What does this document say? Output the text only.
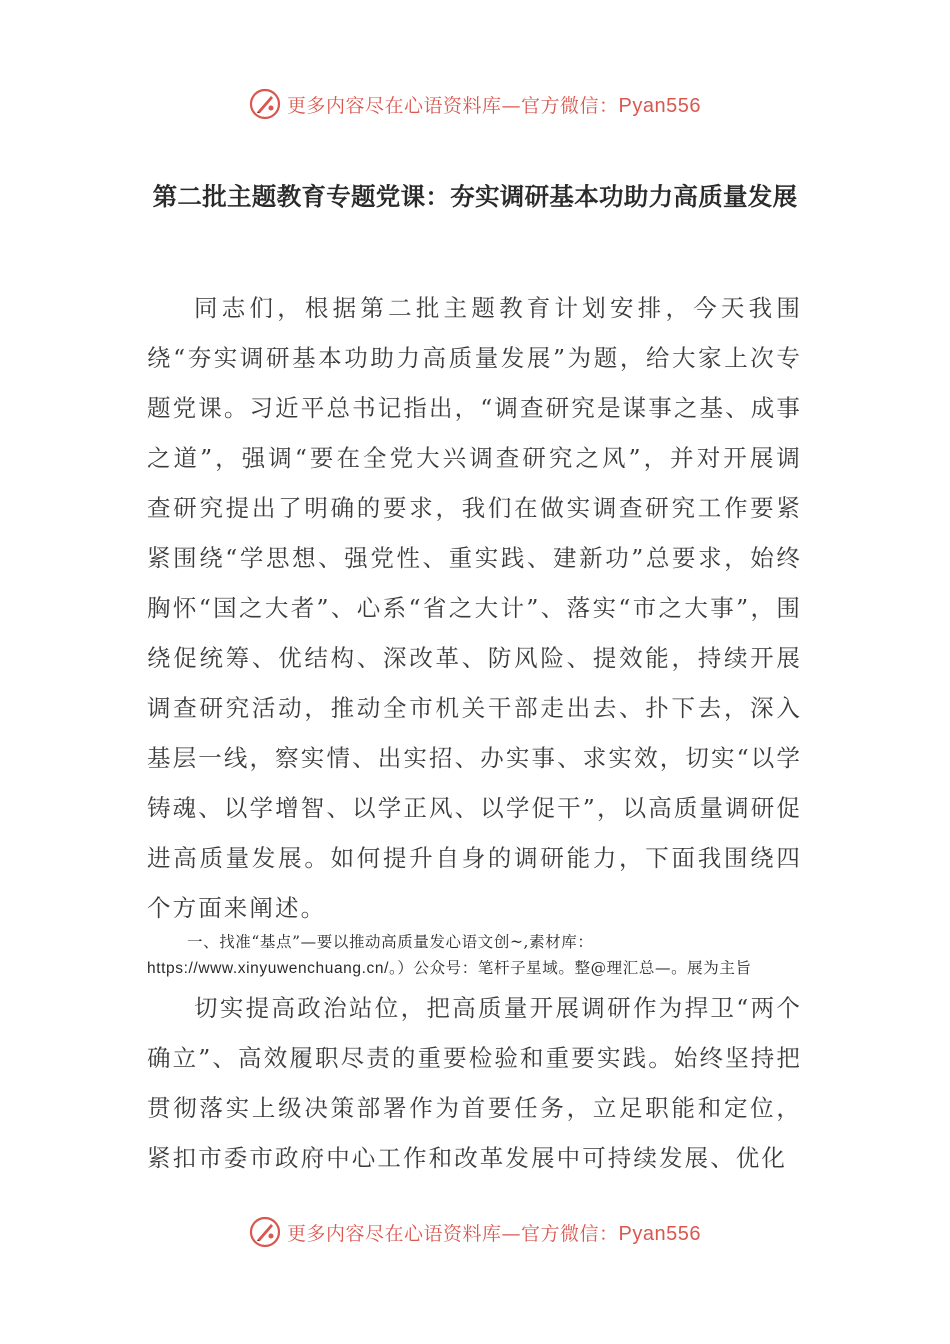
更多内容尽在心语资料库—官方微信：Pyan556
第二批主题教育专题党课：夯实调研基本功助力高质量发展

同志们，根据第二批主题教育计划安排，今天我围绕“夯实调研基本功助力高质量发展”为题，给大家上次专题党课。习近平总书记指出，“调查研究是谋事之基、成事之道”，强调“要在全党大兴调查研究之风”，并对开展调查研究提出了明确的要求，我们在做实调查研究工作要紧紧围绕“学思想、强党性、重实践、建新功”总要求，始终胸怀“国之大者”、心系“省之大计”、落实“市之大事”，围绕促统筹、优结构、深改革、防风险、提效能，持续开展调查研究活动，推动全市机关干部走出去、扑下去，深入基层一线，察实情、出实招、办实事、求实效，切实“以学铸魂、以学增智、以学正风、以学促干”，以高质量调研促进高质量发展。如何提升自身的调研能力，下面我围绕四个方面来阐述。

一、找准“基点”—要以推动高质量发心语文创~,素材库：https://www.xinyuwenchuang.cn/。）公众号：笔杆子星域。整@理汇总—。展为主旨

切实提高政治站位，把高质量开展调研作为捍卫“两个确立”、高效履职尽责的重要检验和重要实践。始终坚持把贯彻落实上级决策部署作为首要任务，立足职能和定位，紧扣市委市政府中心工作和改革发展中可持续发展、优化

更多内容尽在心语资料库—官方微信：Pyan556
